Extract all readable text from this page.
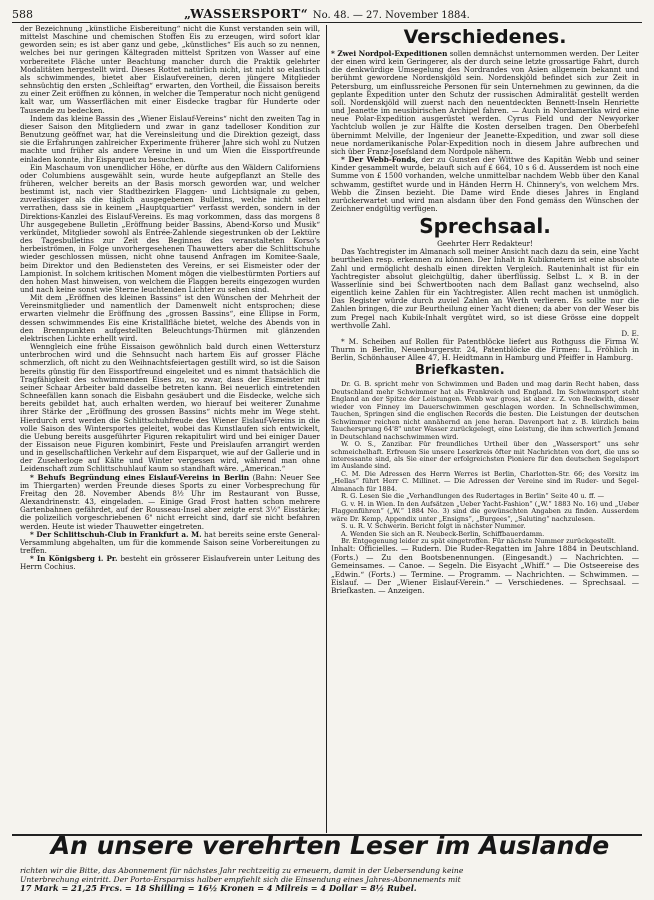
588	„WASSERSPORT“ No. 48. — 27. November 1884.

der Bezeichnung „künstliche Eisbereitung“ nicht die Kunst verstanden sein will, mittelst Maschine und chemischen Stoffen Eis zu erzeugen, wird sofort klar geworden sein; es ist aber ganz und gebe, „künstliches“ Eis auch so zu nennen, welches bei nur geringen Kältegraden mittelst Spritzen von Wasser auf eine vorbereitete Fläche unter Beachtung mancher durch die Praktik gelehrter Modalitäten hergestellt wird. Dieses Rottet natürlich nicht, ist nicht so elastisch als schwimmendes, bietet aber Eislaufvereinen, deren jüngere Mitglieder sehnsüchtig den ersten „Schleiftag“ erwarten, den Vortheil, die Eissaison bereits zu einer Zeit eröffnen zu können, in welcher die Temperatur noch nicht genügend kalt war, um Wasserflächen mit einer Eisdecke tragbar für Hunderte oder Tausende zu bedecken.

Indem das kleine Bassin des „Wiener Eislauf-Vereins“ nicht den zweiten Tag in dieser Saison den Mitgliedern und zwar in ganz tadelloser Kondition zur Benutzung geöffnet war, hat die Vereinsleitung und die Direktion gezeigt, dass sie die Erfahrungen zahlreicher Experimente früherer Jahre sich wohl zu Nutzen machte und früher als andere Vereine in und um Wien die Eissportfreunde einladen konnte, ihr Eisparquet zu besuchen.

Ein Maschaum von unendlicher Höhe, er dürfte aus den Wäldern Californiens oder Columbiens ausgewählt sein, wurde heute aufgepflanzt an Stelle des früheren, welcher bereits an der Basis morsch geworden war, und welcher bestimmt ist, nach vier Stadtbezirken Flaggen- und Lichtsignale zu geben, zuverlässiger als die täglich ausgegebenen Bulletins, welche nicht selten verrathen, dass sie in keinem „Hauptquartier“ verfasst werden, sondern in der Direktions-Kanzlei des Eislauf-Vereins. Es mag vorkommen, dass das morgens 8 Uhr ausgegebene Bulletin „Eröffnung beider Bassins, Abend-Korso und Musik“ verkündet, Mitglieder sowohl als Entrée-Zahlende siegestrunken ob der Lektüre des Tagesbulletins zur Zeit des Beginnes des veranstalteten Korso's herbeiströmen, in Folge unvorhergesehenen Thauwetters aber die Schlittschuhe wieder geschlossen müssen, nicht ohne tausend Anfragen im Komitee-Saale, beim Direktor und den Bediensteten des Vereins, er sei Eismeister oder der Lampionist. In solchem kritischen Moment mögen die vielbestürmten Portiers auf den hohen Mast hinweisen, von welchem die Flaggen bereits eingezogen wurden und nach keine sonst wie Sterne leuchtenden Lichter zu sehen sind.

Mit dem „Eröffnen des kleinen Bassins“ ist den Wünschen der Mehrheit der Vereinsmitglieder und namentlich der Damenwelt nicht entsprochen; diese erwarten vielmehr die Eröffnung des „grossen Bassins“, eine Ellipse in Form, dessen schwimmendes Eis eine Kristallfläche bietet, welche des Abends von in den Brennpunkten aufgestellten Beleuchtungs-Thürmen mit glänzenden elektrischen Lichte erhellt wird.

Wenngleich eine frühe Eissaison gewöhnlich bald durch einen Wettersturz unterbrochen wird und die Sehnsucht nach hartem Eis auf grosser Fläche schmerzlich, oft nicht zu den Weihnachtsfeiertagen gestillt wird, so ist die Saison bereits günstig für den Eissportfreund eingeleitet und es nimmt thatsächlich die Tragfähigkeit des schwimmenden Eises zu, so zwar, dass der Eismeister mit seiner Schaar Arbeiter bald dasselbe betreten kann. Bei neuerlich eintretenden Schneefällen kann sonach die Eisbahn gesäubert und die Eisdecke, welche sich bereits gebildet hat, auch erhalten werden, wo hierauf bei weiterer Zunahme ihrer Stärke der „Eröffnung des grossen Bassins“ nichts mehr im Wege steht. Hierdurch erst werden die Schlittschuhfreude des Wiener Eislauf-Vereins in die volle Saison des Wintersportes geleitet, wobei das Kunstlaufen sich entwickelt, die Uebung bereits ausgeführter Figuren rekapitulirt wird und bei einiger Dauer der Eissaison neue Figuren kombinirt, Feste und Preislaufen arrangirt werden und in gesellschaftlichen Verkehr auf dem Eisparquet, wie auf der Gallerie und in der Zuseherloge auf Kälte und Winter vergessen wird, während man ohne Leidenschaft zum Schlittschuhlauf kaum so standhaft wäre. „American.“

* Behufs Begründung eines Eislauf-Vereins in Berlin (Bahn: Neuer See im Thiergarten) werden Freunde dieses Sports zu einer Vorbesprechung für Freitag den 28. November Abends 8½ Uhr im Restaurant von Busse, Alexandrinenstr. 43, eingeladen. — Einige Grad Frost hatten schon mehrere Gartenbahnen gefährdet, auf der Rousseau-Insel aber zeigte erst 3½" Eisstärke; die polizeilich vorgeschriebenen 6" nicht erreicht sind, darf sie nicht befahren werden. Heute ist wieder Thauwetter eingetreten.

* Der Schlittschuh-Club in Frankfurt a. M. hat bereits seine erste General-Versammlung abgehalten, um für die kommende Saison seine Vorbereitungen zu treffen.

* In Königsberg i. Pr. besteht ein grösserer Eislaufverein unter Leitung des Herrn Cochius.

Verschiedenes.

* Zwei Nordpol-Expeditionen sollen demnächst unternommen werden. Der Leiter der einen wird kein Geringerer, als der durch seine letzte grossartige Fahrt, durch die denkwürdige Umsegelung des Nordrandes von Asien allgemein bekannt und berühmt gewordene Nordenskjöld sein. Nordenskjöld befindet sich zur Zeit in Petersburg, um einflussreiche Personen für sein Unternehmen zu gewinnen, da die geplante Expedition unter den Schutz der russischen Admiralität gestellt werden soll. Nordenskjöld will zuerst nach den neuentdeckten Bennett-Inseln Henriette und Jeanette im neusibirischen Archipel fahren. — Auch in Nordamerika wird eine neue Polar-Expedition ausgerüstet werden. Cyrus Field und der Newyorker Yachtclub wollen je zur Hälfte die Kosten derselben tragen. Den Oberbefehl übernimmt Melville, der Ingenieur der Jeanette-Expedition, und zwar soll diese neue nordamerikanische Polar-Expedition noch in diesem Jahre aufbrechen und sich über Franz-Josefsland dem Nordpole nähern.

* Der Webb-Fonds, der zu Gunsten der Wittwe des Kapitän Webb und seiner Kinder gesammelt wurde, belauft sich auf £ 664, 10 s 6 d. Ausserdem ist noch eine Summe von £ 1500 vorhanden, welche unmittelbar nachdem Webb über den Kanal schwamm, gestiftet wurde und in Händen Herrn H. Chinnery's, von welchem Mrs. Webb die Zinsen bezieht. Die Dame wird Ende dieses Jahres in England zurückerwartet und wird man alsdann über den Fond gemäss den Wünschen der Zeichner endgültig verfügen.

Sprechsaal.

Geehrter Herr Redakteur!

Das Yachtregister im Almanach soll meiner Ansicht nach dazu da sein, eine Yacht beurtheilen resp. erkennen zu können. Der Inhalt in Kubikmetern ist eine absolute Zahl und ermöglicht deshalb einen direkten Vergleich. Rauteninhalt ist für ein Yachtregister absolut gleichgültig, daher überflüssig. Selbst L. × B. in der Wasserlinie sind bei Schwertbooten nach dem Ballast ganz wechselnd, also eigentlich keine Zahlen für ein Yachtregister. Allen recht machen ist unmöglich. Das Register würde durch zuviel Zahlen an Werth verlieren. Es sollte nur die Zahlen bringen, die zur Beurtheilung einer Yacht dienen; da aber von der Weser bis zum Pregel nach Kubik-Inhalt vergütet wird, so ist diese Grösse eine doppelt werthvolle Zahl.

D. E.

* M. Scheiben auf Rollen für Patentblöcke liefert aus Rothguss die Firma W. Thurm in Berlin, Neuenburgerstr. 24, Patentblöcke die Firmen: L. Fröhlich in Berlin, Schönhauser Allee 47, H. Heidtmann in Hamburg und Pfeiffer in Hamburg.

Briefkasten.

Dr. G. B. spricht mehr von Schwimmen und Baden und mag darin Recht haben, dass Deutschland mehr Schwimmer hat als Frankreich und England. Im Schwimmsport steht England an der Spitze der Leistungen. Webb war gross, ist aber z. Z. von Beckwith, dieser wieder von Finney im Dauerschwimmen geschlagen worden. In Schnellschwimmen, Tauchen, Springen sind die englischen Records die besten. Die Leistungen der deutschen Schwimmer reichen nicht annähernd an jene heran. Davenport hat z. B. kürzlich beim Tauchersprung 64'8" unter Wasser zurückgelegt, eine Leistung, die ihm schwerlich Jemand in Deutschland nachschwimmen wird.

W. O. S., Zanzibar. Für freundliches Urtheil über den „Wassersport“ uns sehr schmeichelhaft. Erfreuen Sie unsere Leserkreis öfter mit Nachrichten von dort, die uns so interessante sind, als Sie einer der erfolgreichsten Pioniere für den deutschen Segelsport im Auslande sind.

C. M. Die Adressen des Herrn Werres ist Berlin, Charlotten-Str. 66; des Vorsitz im „Hellas“ führt Herr C. Millinet. — Die Adressen der Vereine sind im Ruder- und Segel-Almanach für 1884.

R. G. Lesen Sie die „Verhandlungen des Rudertages in Berlin“ Seite 40 u. ff. —

G. v. H. in Wien. In den Aufsätzen „Ueber Yacht-Fashion“ („W.“ 1883 No. 16) und „Ueber Flaggenführen“ („W.“ 1884 No. 3) sind die gewünschten Angaben zu finden. Ausserdem wäre Dr. Kemp, Appendix unter „Ensigns“, „Burgees“, „Saluting“ nachzulesen.

S. u. R. V. Schwerin. Bericht folgt in nächster Nummer.

A. Wenden Sie sich an R. Neubeck-Berlin, Schiffbauerdamm.

Br. Entgegenung leider zu spät eingetroffen. Für nächste Nummer zurückgestellt.

Inhalt: Officielles. — Rudern. Die Ruder-Regatten im Jahre 1884 in Deutschland. (Forts.) — Zu den Bootsbenennungen. (Eingesandt.) — Nachrichten. — Gemeinsames. — Canoe. — Segeln. Die Eisyacht „Whiff.“ — Die Ostseereise des „Edwin.“ (Forts.) — Termine. — Programm. — Nachrichten. — Schwimmen. — Eislauf. — Der „Wiener Eislauf-Verein.“ — Verschiedenes. — Sprechsaal. — Briefkasten. — Anzeigen.

An unsere verehrten Leser im Auslande
richten wir die Bitte, das Abonnement für nächstes Jahr rechtzeitig zu erneuern, damit in der Uebersendung keine
Unterbrechung eintritt. Der Porto-Ersparniss halber empfiehlt sich die Einsendung eines Jahres-Abonnements mit
17 Mark = 21,25 Frcs. = 18 Shilling = 16½ Kronen = 4 Milreis = 4 Dollar = 8½ Rubel.
